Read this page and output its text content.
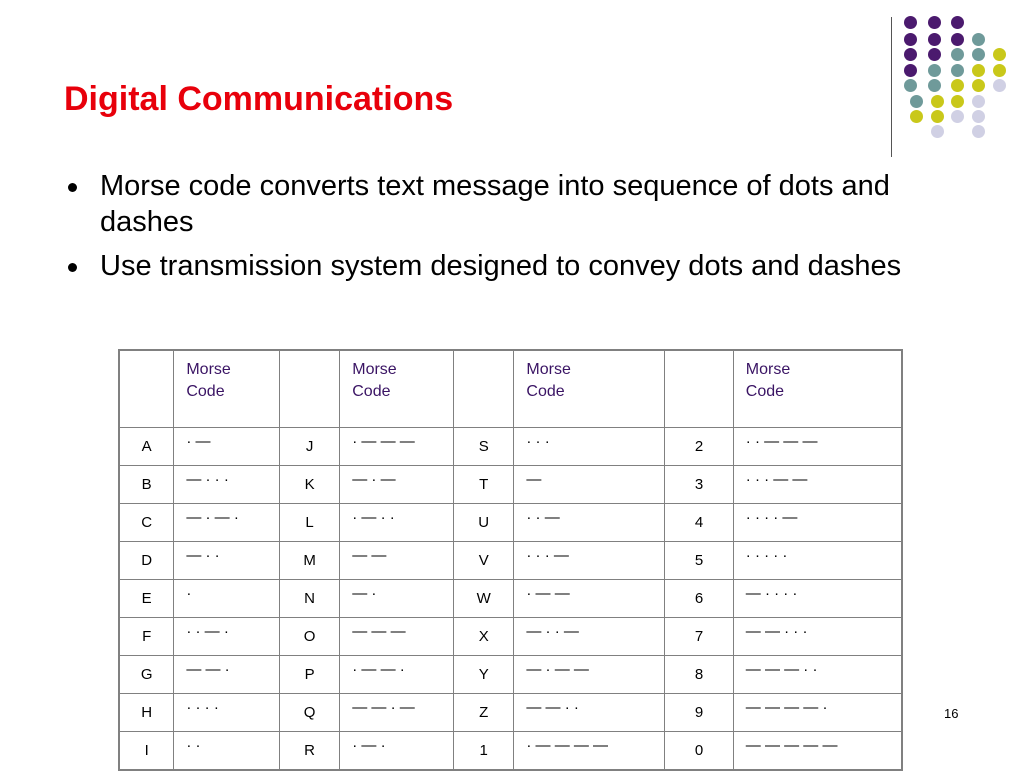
Digital Communications
Morse code converts text message into sequence of dots and dashes
Use transmission system designed to convey dots and dashes
	Morse
Code		Morse
Code		Morse
Code		Morse
Code
A	· —	J	· — — —	S	· · ·	2	· · — — —
B	— · · ·	K	— · —	T	—	3	· · · — —
C	— · — ·	L	· — · ·	U	· · —	4	· · · · —
D	— · ·	M	— —	V	· · · —	5	· · · · ·
E	·	N	— ·	W	· — —	6	— · · · ·
F	· · — ·	O	— — —	X	— · · —	7	— — · · ·
G	— — ·	P	· — — ·	Y	— · — —	8	— — — · ·
H	· · · ·	Q	— — · —	Z	— — · ·	9	— — — — ·
I	· ·	R	· — ·	1	· — — — —	0	— — — — —
16
